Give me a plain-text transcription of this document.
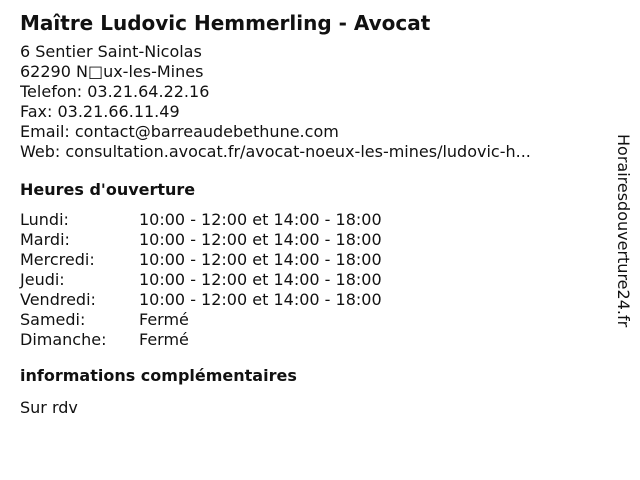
Maître Ludovic Hemmerling - Avocat
6 Sentier Saint-Nicolas
62290 N□ux-les-Mines
Telefon: 03.21.64.22.16
Fax: 03.21.66.11.49
Email: contact@barreaudebethune.com
Web: consultation.avocat.fr/avocat-noeux-les-mines/ludovic-h...
Heures d'ouverture
Lundi:	10:00 - 12:00 et 14:00 - 18:00
Mardi:	10:00 - 12:00 et 14:00 - 18:00
Mercredi:	10:00 - 12:00 et 14:00 - 18:00
Jeudi:	10:00 - 12:00 et 14:00 - 18:00
Vendredi:	10:00 - 12:00 et 14:00 - 18:00
Samedi:	Fermé
Dimanche:	Fermé
informations complémentaires
Sur rdv
Horairesdouverture24.fr
